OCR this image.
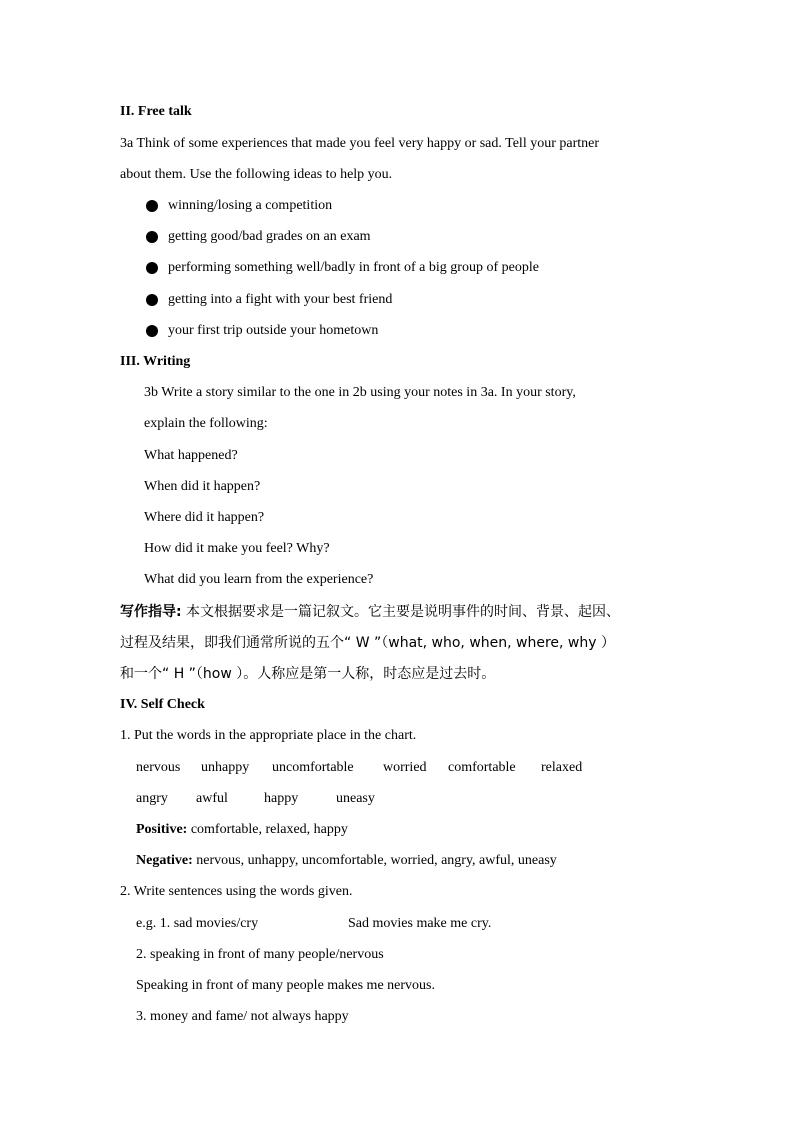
II. Free talk
3a Think of some experiences that made you feel very happy or sad. Tell your partner
about them. Use the following ideas to help you.
winning/losing a competition
getting good/bad grades on an exam
performing something well/badly in front of a big group of people
getting into a fight with your best friend
your first trip outside your hometown
III. Writing
3b Write a story similar to the one in 2b using your notes in 3a. In your story,
explain the following:
What happened?
When did it happen?
Where did it happen?
How did it make you feel? Why?
What did you learn from the experience?
写作指导: 本文根据要求是一篇记叙文。它主要是说明事件的时间、背景、起因、
过程及结果，即我们通常所说的五个“ W ”（what, who, when, where, why ）
和一个“ H ”（how ）。人称应是第一人称，时态应是过去时。
IV. Self Check
1. Put the words in the appropriate place in the chart.
nervous unhappy uncomfortable worried comfortable relaxed
angry awful	happy	uneasy
Positive: comfortable, relaxed, happy
Negative: nervous, unhappy, uncomfortable, worried, angry, awful, uneasy
2. Write sentences using the words given.
e.g. 1. sad movies/cry	Sad movies make me cry.
2. speaking in front of many people/nervous
Speaking in front of many people makes me nervous.
3. money and fame/ not always happy
